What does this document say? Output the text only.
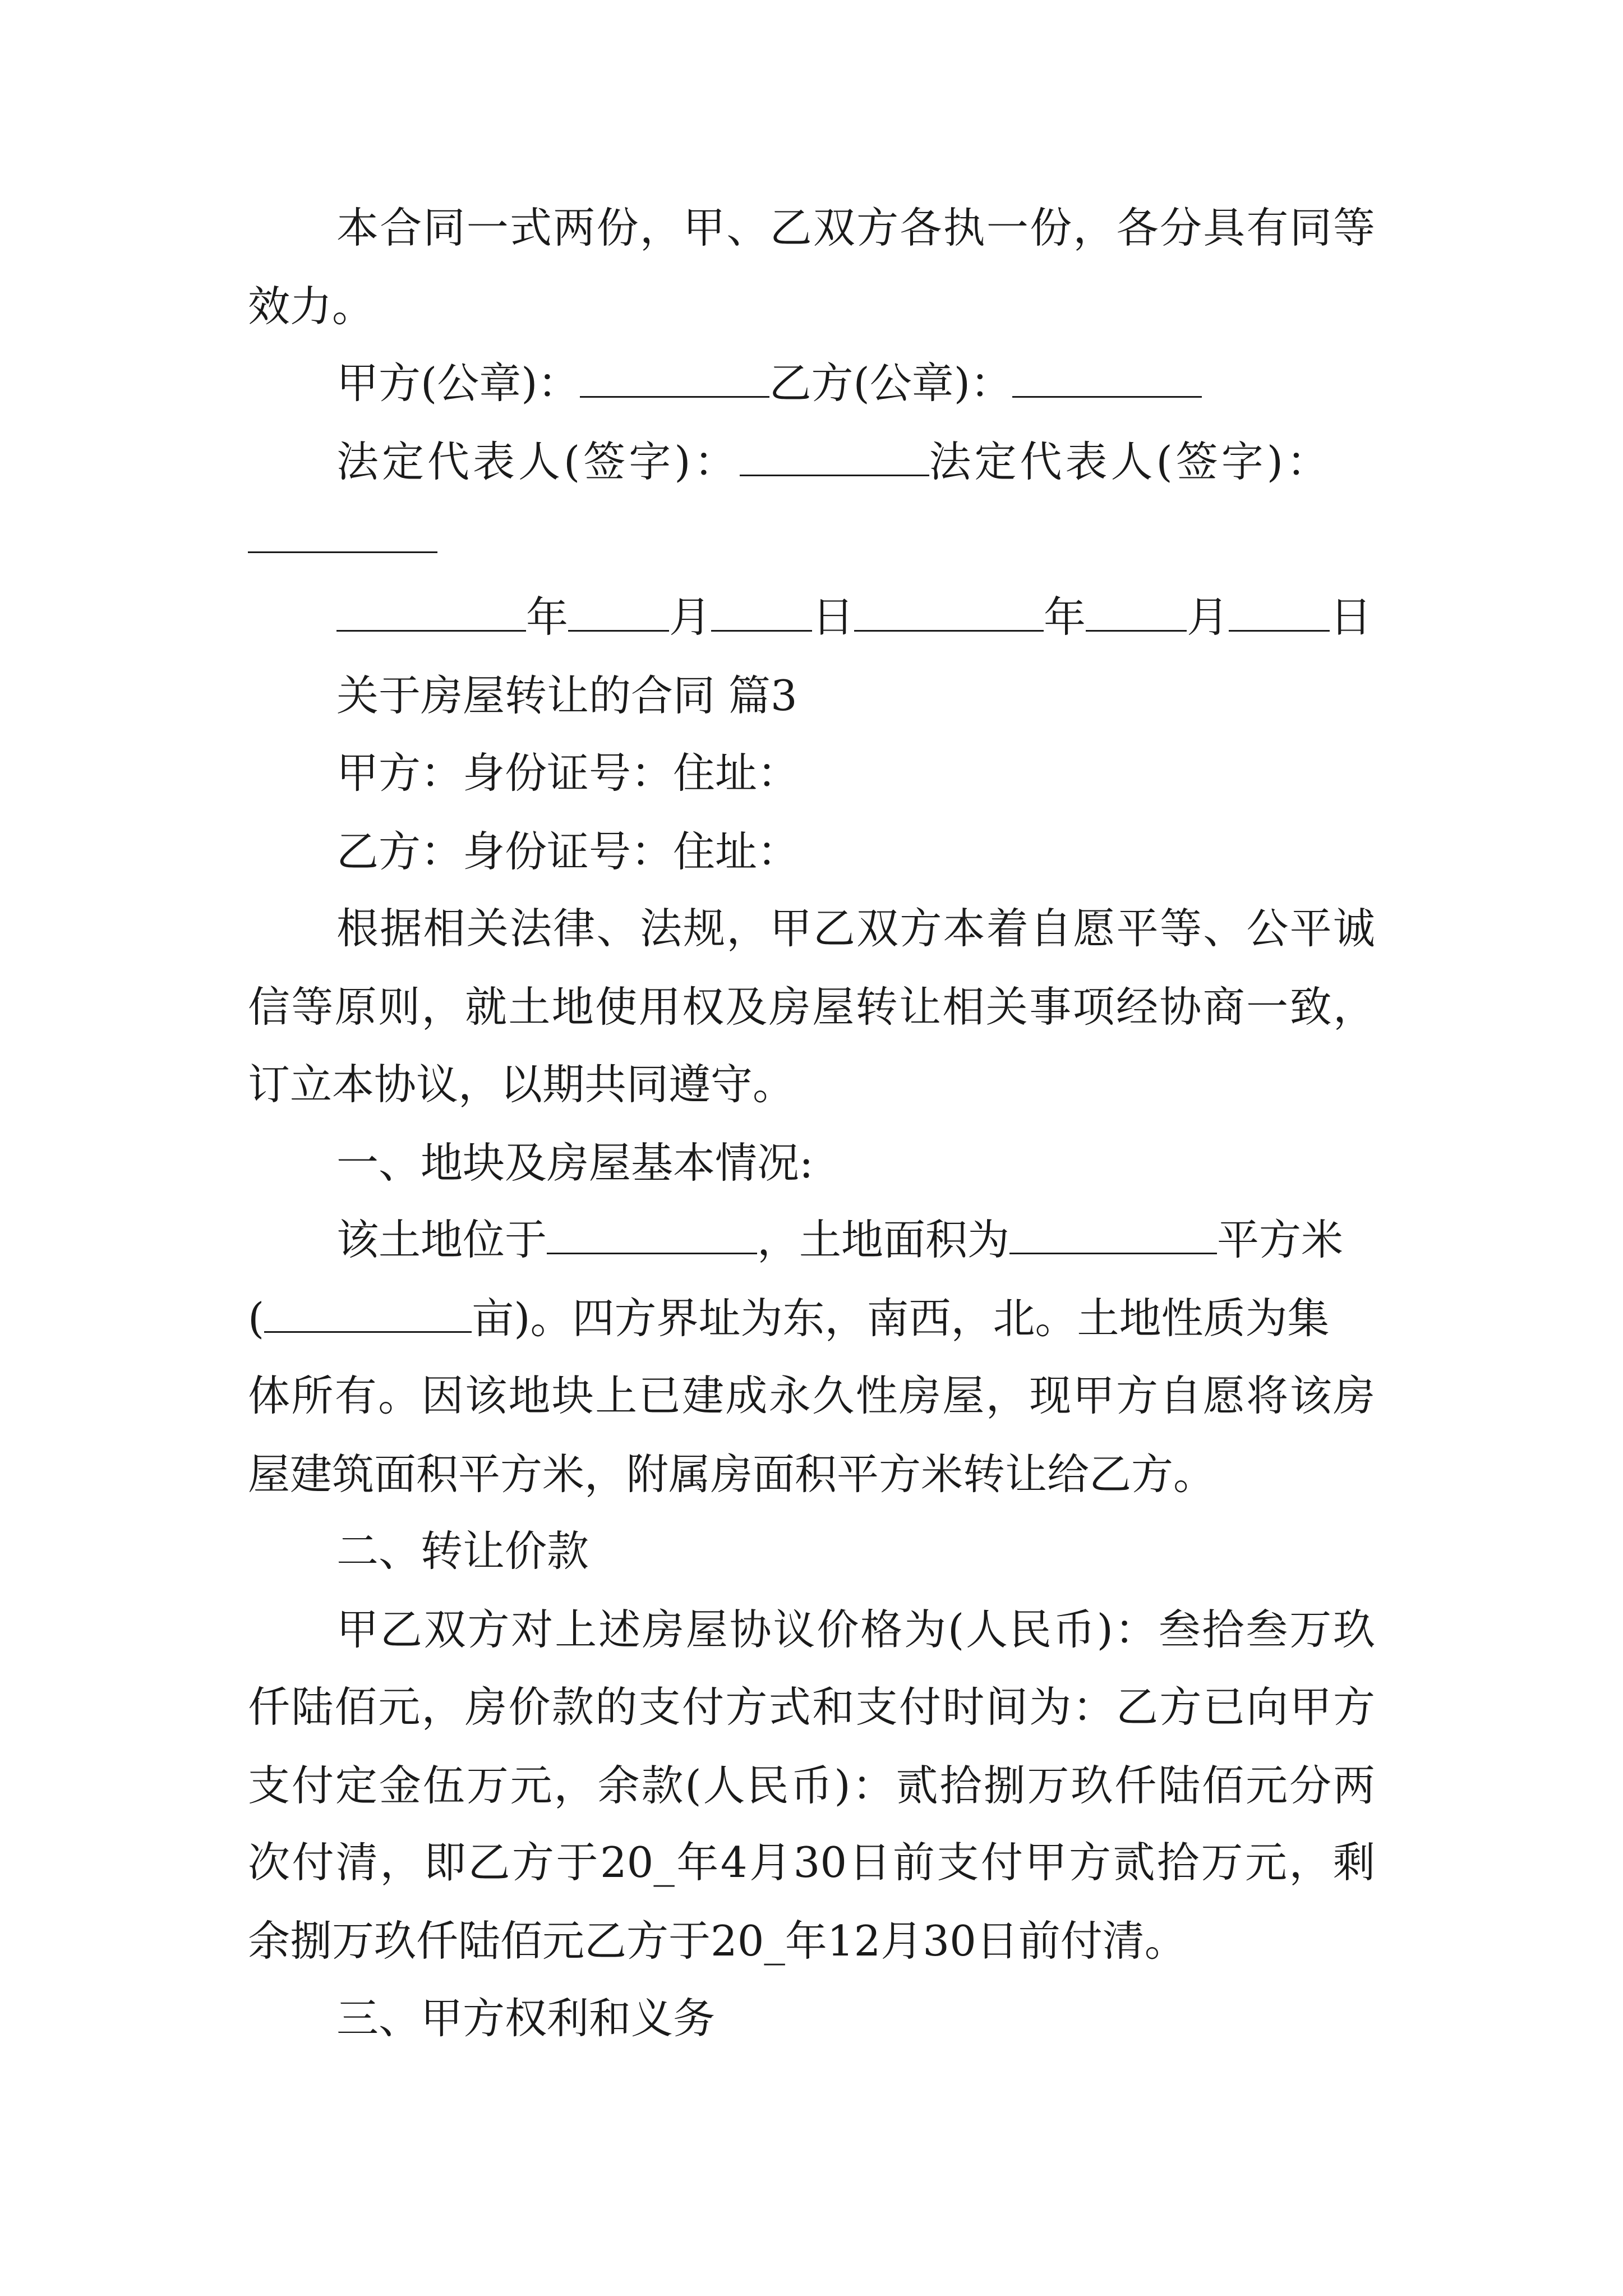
本合同一式两份，甲、乙双方各执一份，各分具有同等
效力。
甲方(公章)：	乙方(公章)：
法定代表人(签字)：	法定代表人(签字)：
年 月 日	年 月 日
关于房屋转让的合同 篇3
甲方：身份证号：住址：
乙方：身份证号：住址：
根据相关法律、法规，甲乙双方本着自愿平等、公平诚
信等原则，就土地使用权及房屋转让相关事项经协商一致，
订立本协议，以期共同遵守。
一、地块及房屋基本情况:
该土地位于	，土地面积为	平方米
(	亩)。四方界址为东，南西，北。土地性质为集
体所有。因该地块上已建成永久性房屋，现甲方自愿将该房
屋建筑面积平方米，附属房面积平方米转让给乙方。
二、转让价款
甲乙双方对上述房屋协议价格为(人民币)：叁拾叁万玖
仟陆佰元，房价款的支付方式和支付时间为：乙方已向甲方
支付定金伍万元，余款(人民币)：贰拾捌万玖仟陆佰元分两
次付清，即乙方于20_年4月30日前支付甲方贰拾万元，剩
余捌万玖仟陆佰元乙方于20_年12月30日前付清。
三、甲方权利和义务
